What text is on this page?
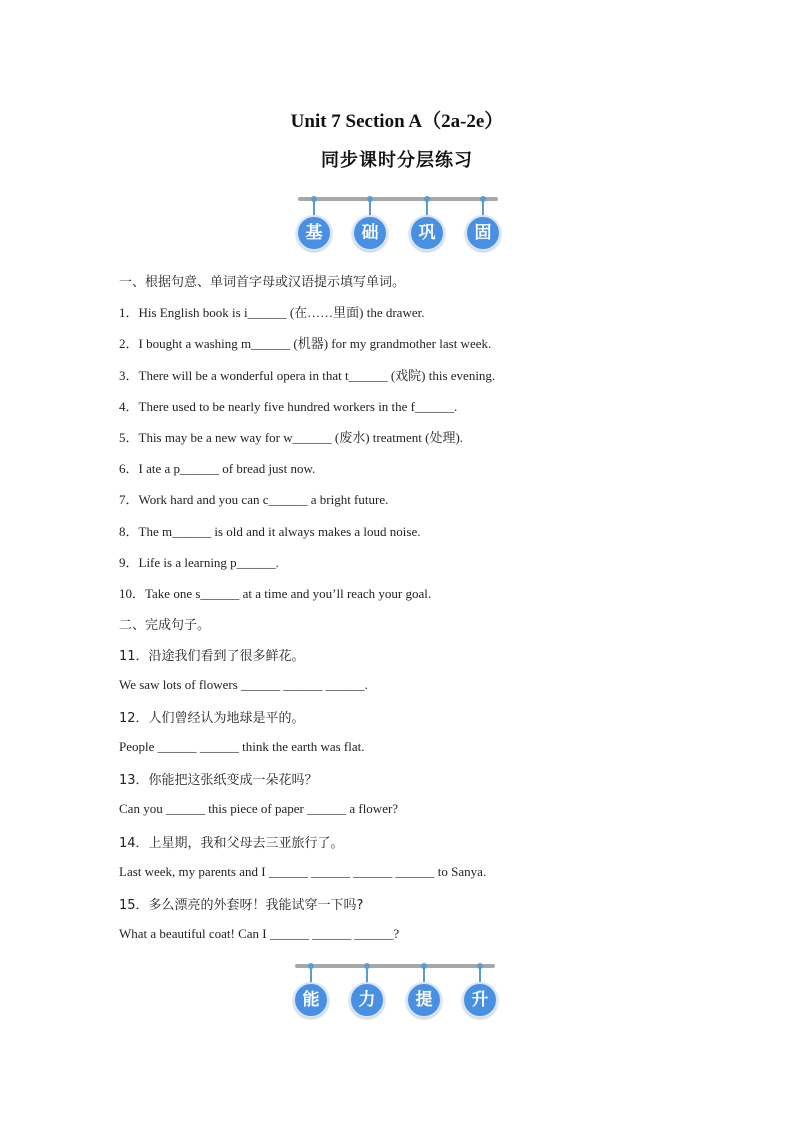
Unit 7 Section A（2a-2e）
同步课时分层练习
基	础	巩	固
一、根据句意、单词首字母或汉语提示填写单词。
1．His English book is i______ (在……里面) the drawer.
2．I bought a washing m______ (机器) for my grandmother last week.
3．There will be a wonderful opera in that t______ (戏院) this evening.
4．There used to be nearly five hundred workers in the f______.
5．This may be a new way for w______ (废水) treatment (处理).
6．I ate a p______ of bread just now.
7．Work hard and you can c______ a bright future.
8．The m______ is old and it always makes a loud noise.
9．Life is a learning p______.
10．Take one s______ at a time and you’ll reach your goal.
二、完成句子。
11．沿途我们看到了很多鲜花。
We saw lots of flowers ______ ______ ______.
12．人们曾经认为地球是平的。
People ______ ______ think the earth was flat.
13．你能把这张纸变成一朵花吗？
Can you ______ this piece of paper ______ a flower?
14．上星期，我和父母去三亚旅行了。
Last week, my parents and I ______ ______ ______ ______ to Sanya.
15．多么漂亮的外套呀！我能试穿一下吗?
What a beautiful coat! Can I ______ ______ ______?
能	力	提	升
